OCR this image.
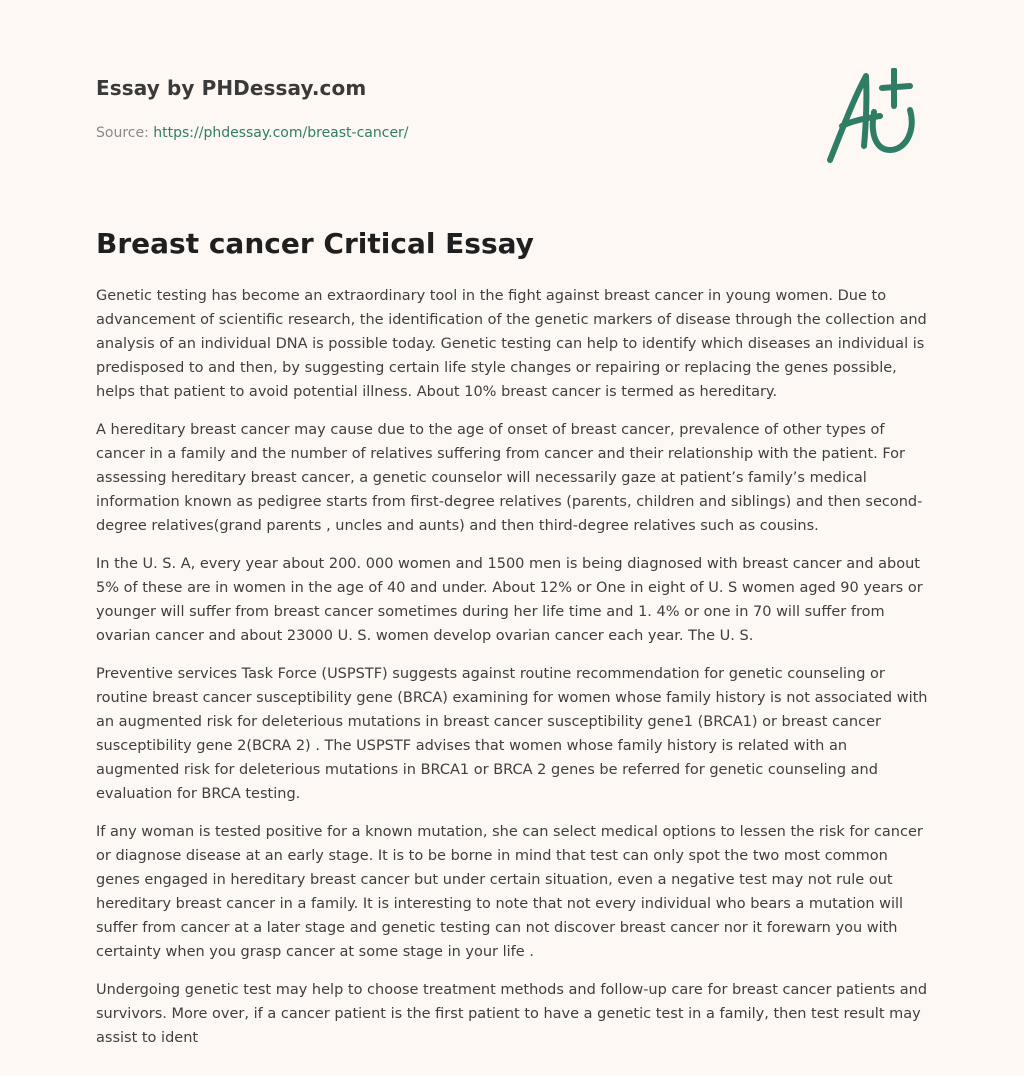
Essay by PHDessay.com
Source: https://phdessay.com/breast-cancer/
Breast cancer Critical Essay

Genetic testing has become an extraordinary tool in the fight against breast cancer in young women. Due to advancement of scientific research, the identification of the genetic markers of disease through the collection and analysis of an individual DNA is possible today. Genetic testing can help to identify which diseases an individual is predisposed to and then, by suggesting certain life style changes or repairing or replacing the genes possible, helps that patient to avoid potential illness. About 10% breast cancer is termed as hereditary.

A hereditary breast cancer may cause due to the age of onset of breast cancer, prevalence of other types of cancer in a family and the number of relatives suffering from cancer and their relationship with the patient. For assessing hereditary breast cancer, a genetic counselor will necessarily gaze at patient’s family’s medical information known as pedigree starts from first-degree relatives (parents, children and siblings) and then second-degree relatives(grand parents , uncles and aunts) and then third-degree relatives such as cousins.

In the U. S. A, every year about 200. 000 women and 1500 men is being diagnosed with breast cancer and about 5% of these are in women in the age of 40 and under. About 12% or One in eight of U. S women aged 90 years or younger will suffer from breast cancer sometimes during her life time and 1. 4% or one in 70 will suffer from ovarian cancer and about 23000 U. S. women develop ovarian cancer each year. The U. S.

Preventive services Task Force (USPSTF) suggests against routine recommendation for genetic counseling or routine breast cancer susceptibility gene (BRCA) examining for women whose family history is not associated with an augmented risk for deleterious mutations in breast cancer susceptibility gene1 (BRCA1) or breast cancer susceptibility gene 2(BCRA 2) . The USPSTF advises that women whose family history is related with an augmented risk for deleterious mutations in BRCA1 or BRCA 2 genes be referred for genetic counseling and evaluation for BRCA testing.

If any woman is tested positive for a known mutation, she can select medical options to lessen the risk for cancer or diagnose disease at an early stage. It is to be borne in mind that test can only spot the two most common genes engaged in hereditary breast cancer but under certain situation, even a negative test may not rule out hereditary breast cancer in a family. It is interesting to note that not every individual who bears a mutation will suffer from cancer at a later stage and genetic testing can not discover breast cancer nor it forewarn you with certainty when you grasp cancer at some stage in your life .

Undergoing genetic test may help to choose treatment methods and follow-up care for breast cancer patients and survivors. More over, if a cancer patient is the first patient to have a genetic test in a family, then test result may assist to ident
